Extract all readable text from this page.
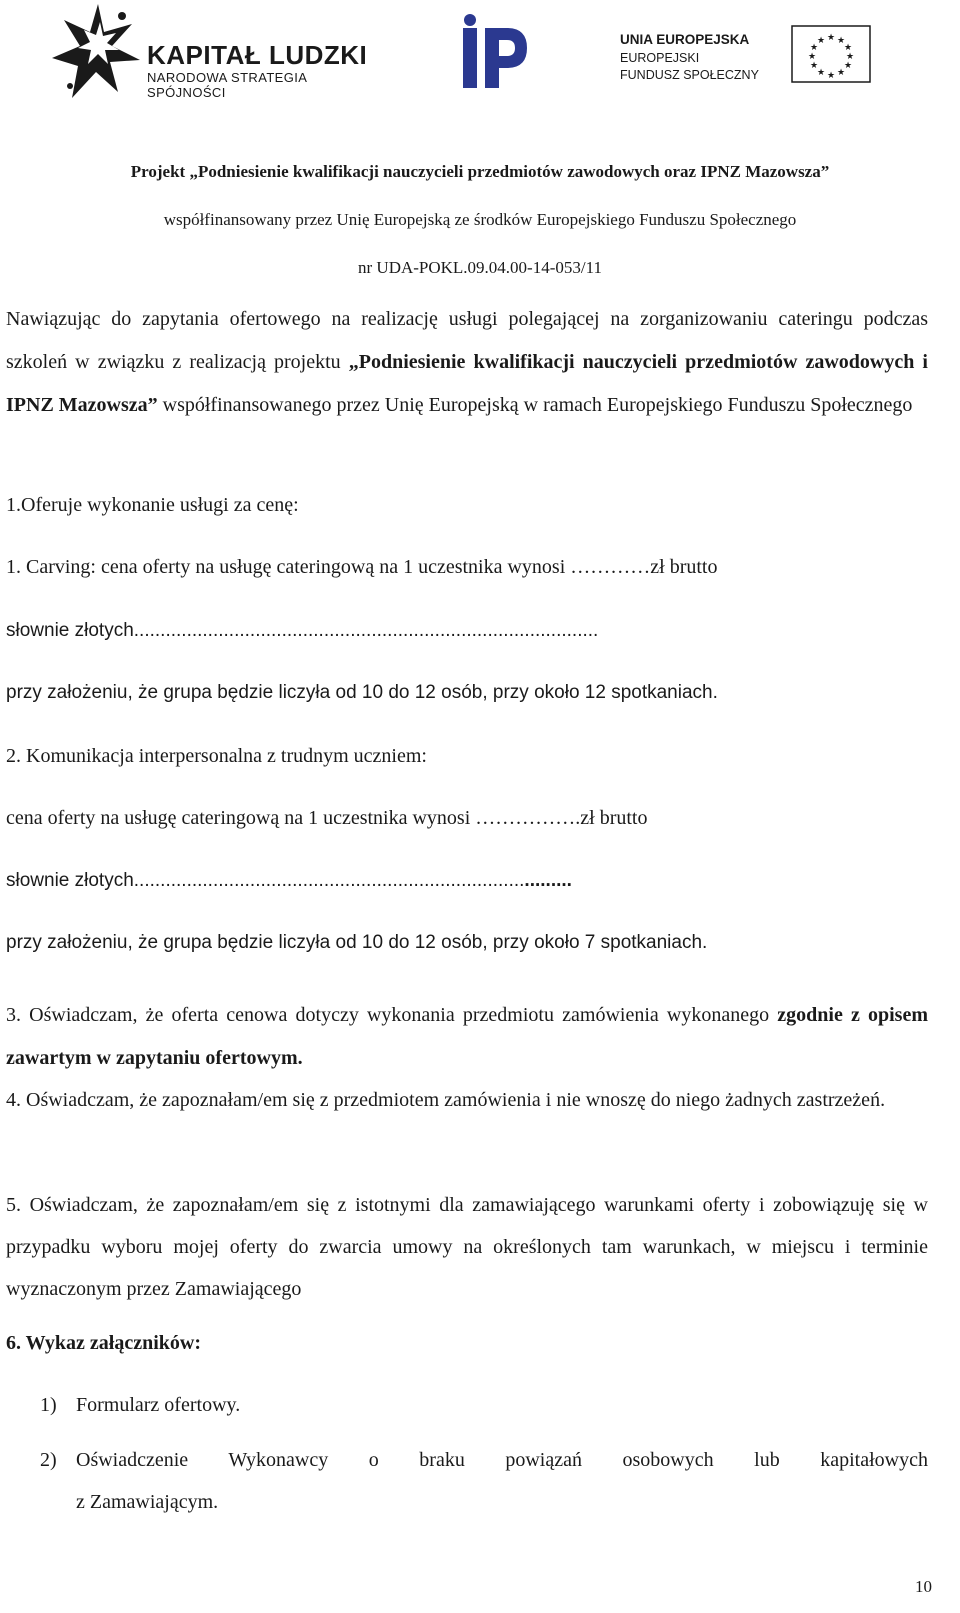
KAPITAŁ LUDZKI
NARODOWA STRATEGIA SPÓJNOŚCI
UNIA EUROPEJSKA
EUROPEJSKI
FUNDUSZ SPOŁECZNY
★ ★
★
★
★
★
★
★
★
★
★
★
Projekt „Podniesienie kwalifikacji nauczycieli przedmiotów zawodowych oraz IPNZ Mazowsza”
współfinansowany przez Unię Europejską ze środków Europejskiego Funduszu Społecznego
nr UDA-POKL.09.04.00-14-053/11
Nawiązując do zapytania ofertowego na realizację usługi polegającej na zorganizowaniu cateringu podczas szkoleń w związku z realizacją projektu „Podniesienie kwalifikacji nauczycieli przedmiotów zawodowych i IPNZ Mazowsza” współfinansowanego przez Unię Europejską w ramach Europejskiego Funduszu Społecznego
1.Oferuje wykonanie usługi za cenę:
1. Carving: cena oferty na usługę cateringową na 1 uczestnika wynosi …………zł brutto
słownie złotych........................................................................................
przy założeniu, że grupa będzie liczyła od 10 do 12 osób, przy około 12 spotkaniach.
2. Komunikacja interpersonalna z trudnym uczniem:
cena oferty na usługę cateringową na 1 uczestnika wynosi …………….zł brutto
słownie złotych...................................................................................
przy założeniu, że grupa będzie liczyła od 10 do 12 osób, przy około 7 spotkaniach.
3. Oświadczam, że oferta cenowa dotyczy wykonania przedmiotu zamówienia wykonanego zgodnie z opisem zawartym w zapytaniu ofertowym.
4. Oświadczam, że zapoznałam/em się z przedmiotem zamówienia i nie wnoszę do niego żadnych zastrzeżeń.
5. Oświadczam, że zapoznałam/em się z istotnymi dla zamawiającego warunkami oferty i zobowiązuję się w przypadku wyboru mojej oferty do zwarcia umowy na określonych tam warunkach, w miejscu i terminie wyznaczonym przez Zamawiającego
6. Wykaz załączników:
1) Formularz ofertowy.
2) Oświadczenie Wykonawcy o braku powiązań osobowych lub kapitałowych
z Zamawiającym.
10
